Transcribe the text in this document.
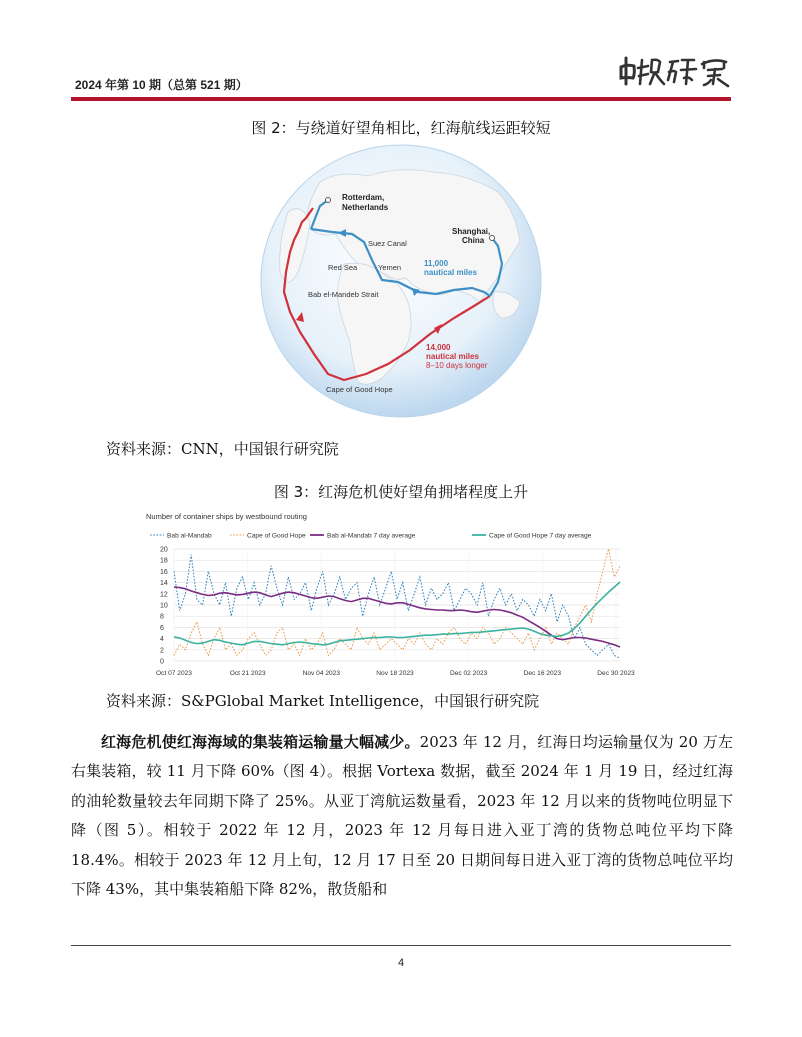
2024 年第 10 期（总第 521 期）
图 2：与绕道好望角相比，红海航线运距较短
Rotterdam,
Netherlands
Shanghai,
China
Suez Canal
Red Sea	Yemen
Bab el-Mandeb Strait
11,000
nautical miles
14,000
nautical miles
8–10 days longer
Cape of Good Hope
资料来源：CNN，中国银行研究院
图 3：红海危机使好望角拥堵程度上升
Number of container ships by westbound routing
Bab al-Mandab	Cape of Good Hope	Bab al-Mandab 7 day average	Cape of Good Hope 7 day average
0
2
4
6
8
10
12
14
16
18
20
Oct 07 2023	Oct 21 2023	Nov 04 2023	Nov 18 2023	Dec 02 2023	Dec 16 2023	Dec 30 2023
资料来源：S&PGlobal Market Intelligence，中国银行研究院

红海危机使红海海域的集装箱运输量大幅减少。2023 年 12 月，红海日均运输量仅为 20 万左右集装箱，较 11 月下降 60%（图 4）。根据 Vortexa 数据，截至 2024 年 1 月 19 日，经过红海的油轮数量较去年同期下降了 25%。从亚丁湾航运数量看，2023 年 12 月以来的货物吨位明显下降（图 5）。相较于 2022 年 12 月，2023 年 12 月每日进入亚丁湾的货物总吨位平均下降 18.4%。相较于 2023 年 12 月上旬，12 月 17 日至 20 日期间每日进入亚丁湾的货物总吨位平均下降 43%，其中集装箱船下降 82%，散货船和

4
